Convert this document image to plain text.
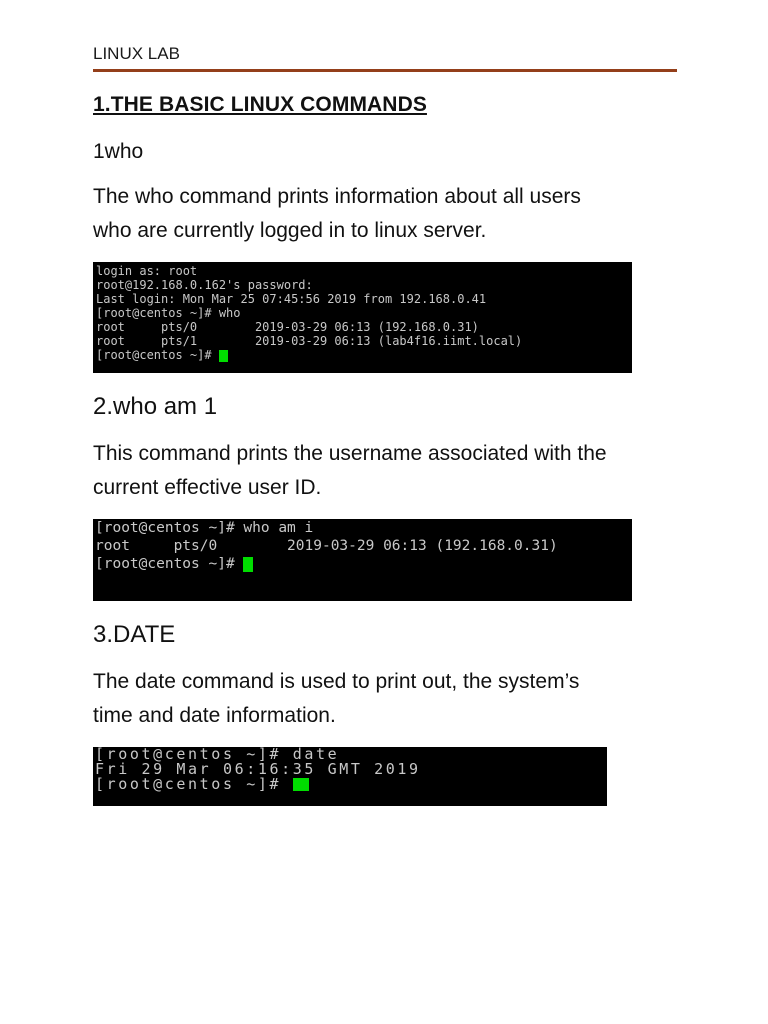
LINUX LAB
1.THE BASIC LINUX COMMANDS
1who
The who command prints information about all users
who are currently logged in to linux server.
login as: root
root@192.168.0.162's password:
Last login: Mon Mar 25 07:45:56 2019 from 192.168.0.41
[root@centos ~]# who
root     pts/0        2019-03-29 06:13 (192.168.0.31)
root     pts/1        2019-03-29 06:13 (lab4f16.iimt.local)
[root@centos ~]#
2.who am 1
This command prints the username associated with the
current effective user ID.
[root@centos ~]# who am i
root     pts/0        2019-03-29 06:13 (192.168.0.31)
[root@centos ~]#
3.DATE
The date command is used to print out, the system’s
time and date information.
[root@centos ~]# date
Fri 29 Mar 06:16:35 GMT 2019
[root@centos ~]#
